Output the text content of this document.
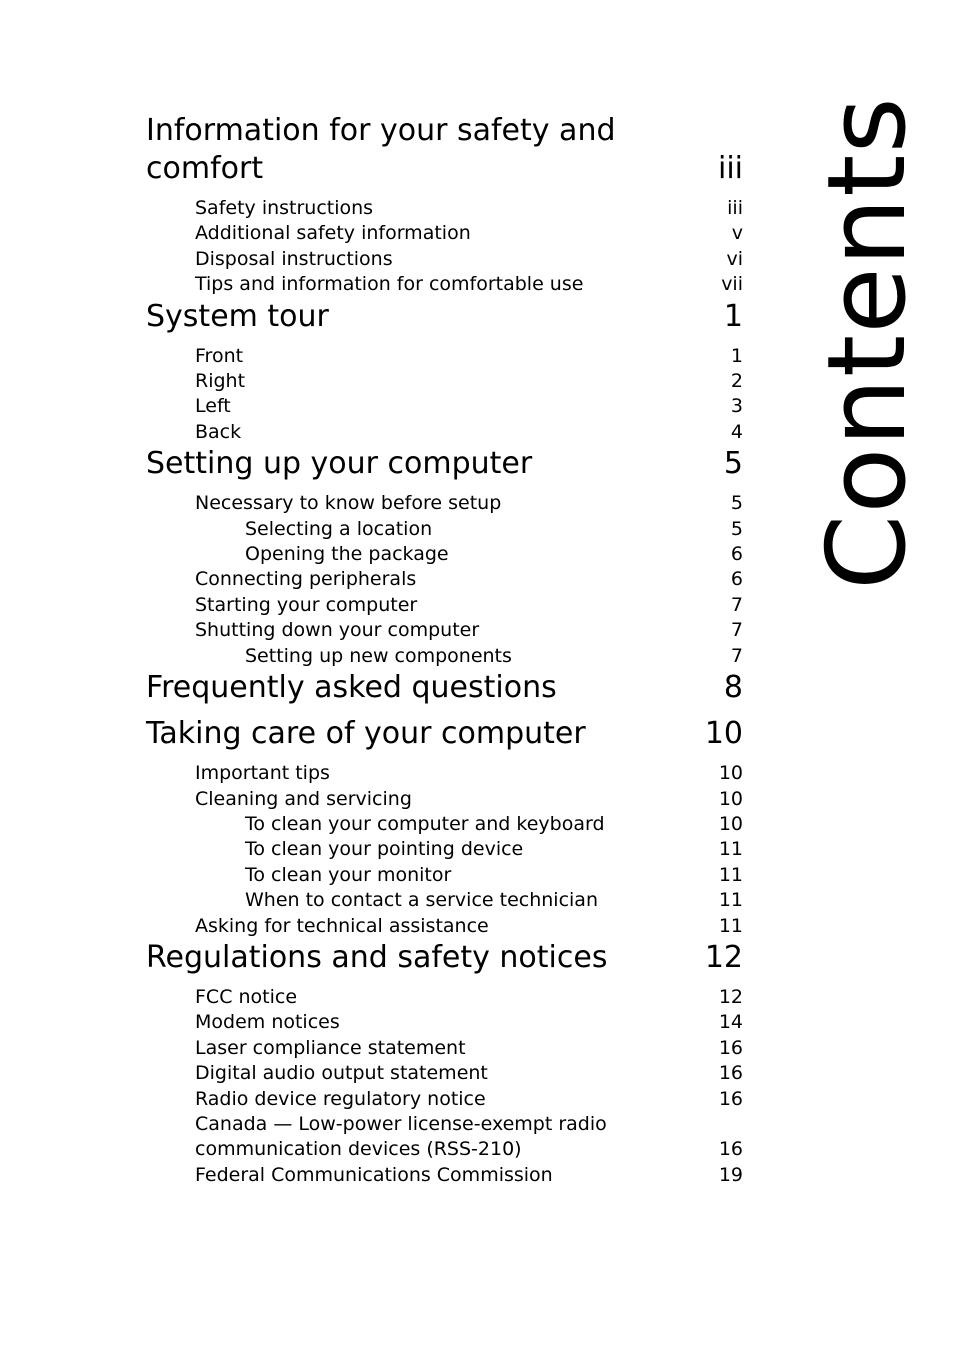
Contents
Information for your safety and comfort	iii
Safety instructions	iii
Additional safety information	v
Disposal instructions	vi
Tips and information for comfortable use	vii
System tour	1
Front	1
Right	2
Left	3
Back	4
Setting up your computer	5
Necessary to know before setup	5
Selecting a location	5
Opening the package	6
Connecting peripherals	6
Starting your computer	7
Shutting down your computer	7
Setting up new components	7
Frequently asked questions	8
Taking care of your computer	10
Important tips	10
Cleaning and servicing	10
To clean your computer and keyboard	10
To clean your pointing device	11
To clean your monitor	11
When to contact a service technician	11
Asking for technical assistance	11
Regulations and safety notices	12
FCC notice	12
Modem notices	14
Laser compliance statement	16
Digital audio output statement	16
Radio device regulatory notice	16
Canada — Low-power license-exempt radio communication devices (RSS-210)	16
Federal Communications Commission	19
